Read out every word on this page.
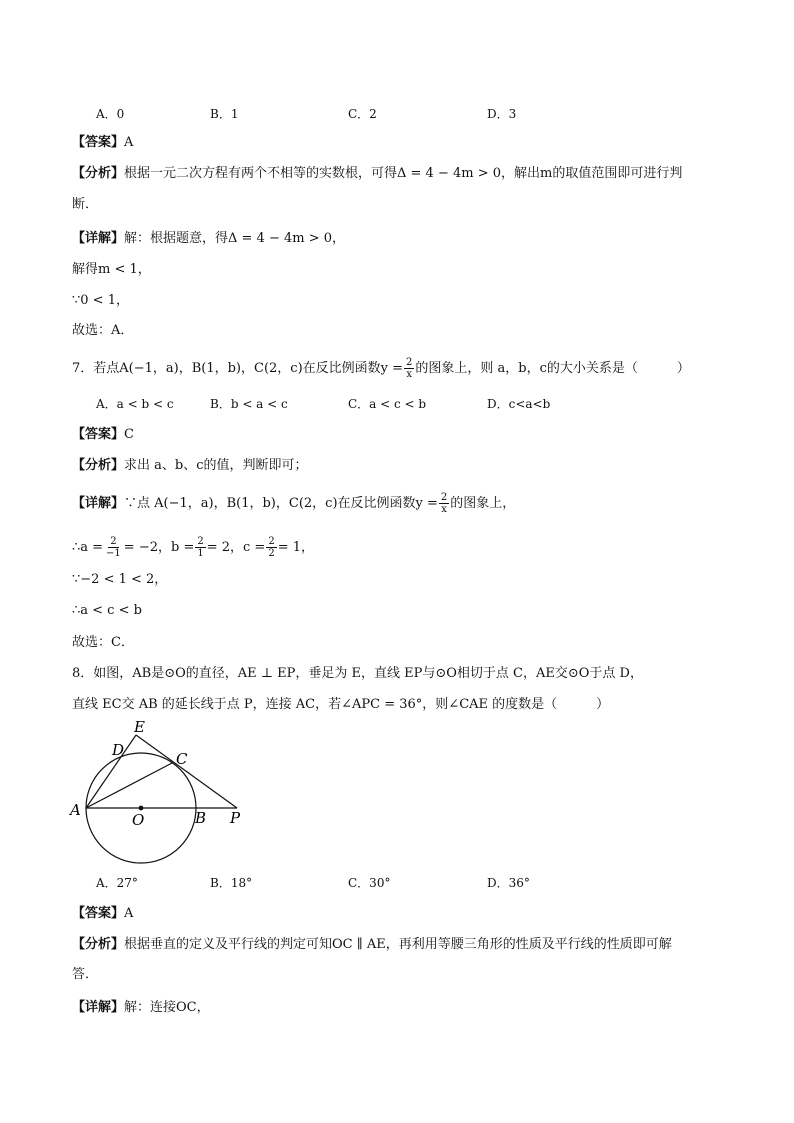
A．0	B．1	C．2	D．3
【答案】A
【分析】根据一元二次方程有两个不相等的实数根，可得Δ = 4 − 4m > 0，解出m的取值范围即可进行判
断．
【详解】解：根据题意，得Δ = 4 − 4m > 0，
解得m < 1，
∵0 < 1，
故选：A．
7．若点A(−1，a)，B(1，b)，C(2，c)在反比例函数$y = \frac{2}{x}$ 的图象上，则 a，b，c的大小关系是（　　　）
A．a < b < c	B．b < a < c	C．a < c < b	D．c<a<b
【答案】C
【分析】求出 a、b、c的值，判断即可；
【详解】∵点 A(−1，a)，B(1，b)，C(2，c)在反比例函数$y = \frac{2}{x}$ 的图象上，
∴a = $\frac{2}{-1} = -2$，$b = \frac{2}{1} = 2$，$c = \frac{2}{2} = 1$，
∵−2 < 1 < 2，
∴a < c < b
故选：C．
8．如图，AB是⊙O的直径，AE ⊥ EP，垂足为 E，直线 EP与⊙O相切于点 C，AE交⊙O于点 D，
直线 EC交 AB 的延长线于点 P，连接 AC，若∠APC = 36°，则∠CAE 的度数是（　　　）
E
D	C
A
O	B P
A．27°	B．18°	C．30°	D．36°
【答案】A
【分析】根据垂直的定义及平行线的判定可知OC ∥ AE，再利用等腰三角形的性质及平行线的性质即可解
答．
【详解】解：连接OC，
